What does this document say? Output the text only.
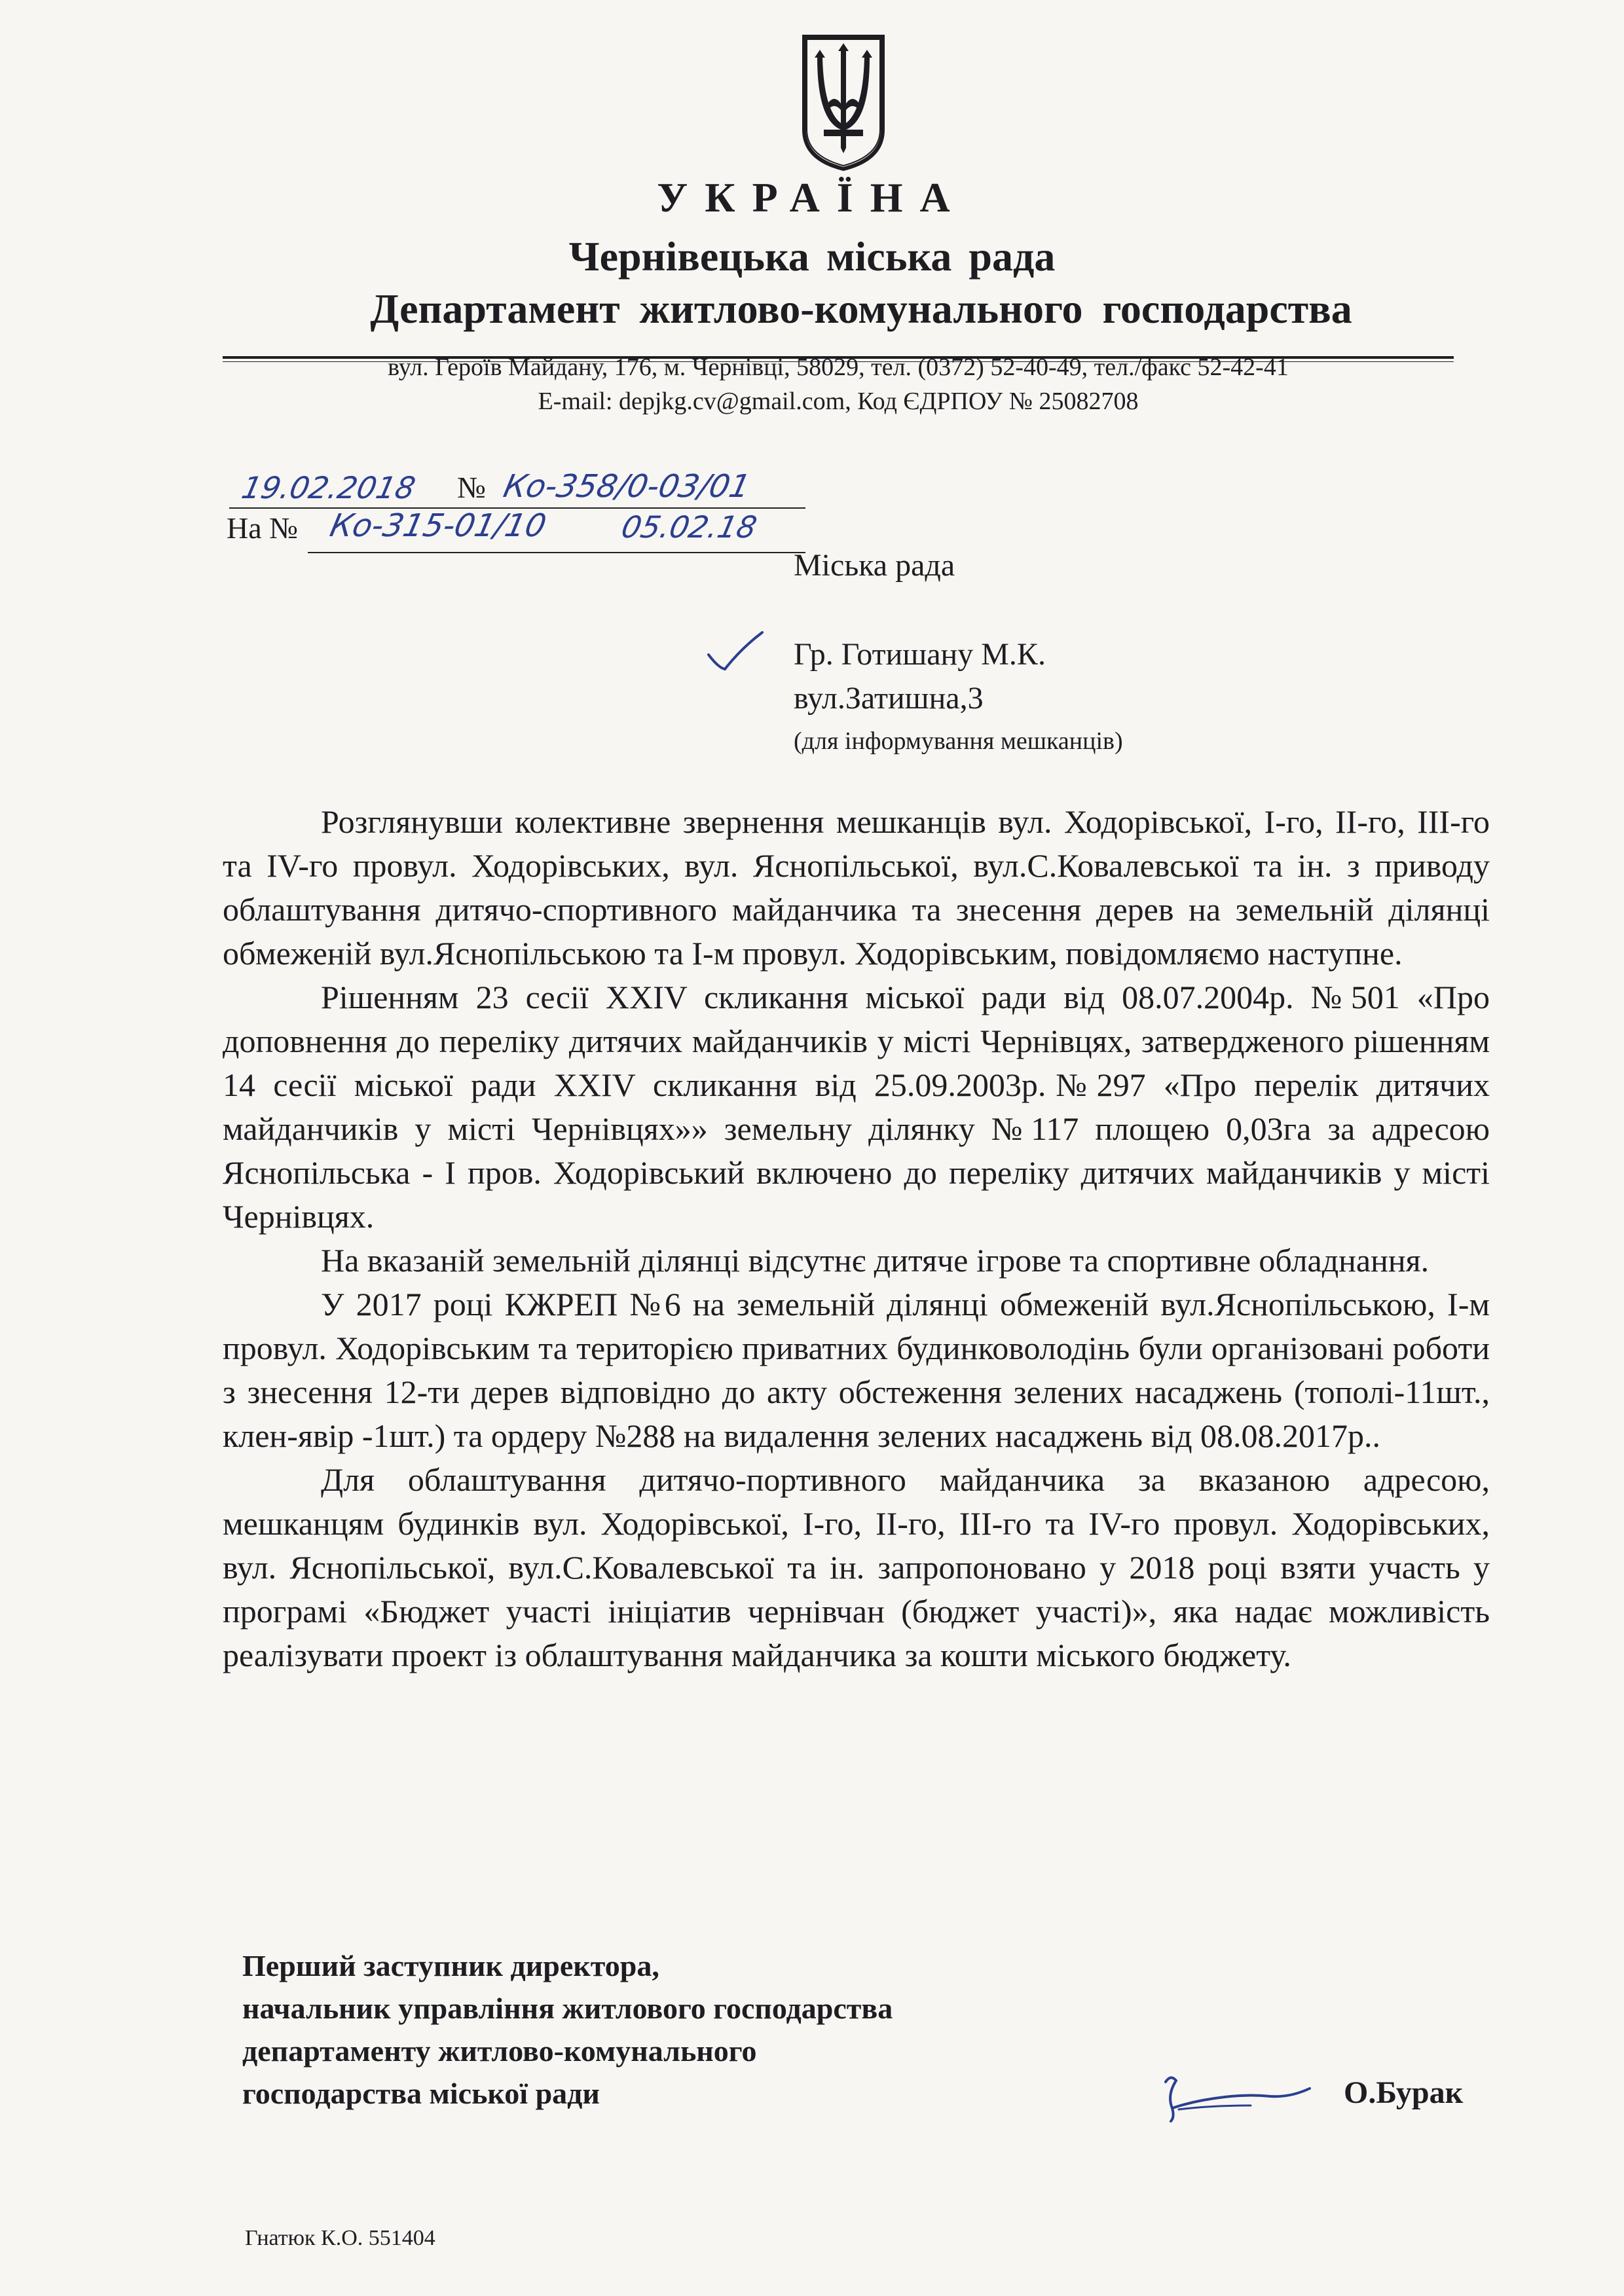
УКРАЇНА
Чернівецька міська рада
Департамент житлово-комунального господарства
вул. Героїв Майдану, 176, м. Чернівці, 58029, тел. (0372) 52-40-49, тел./факс 52-42-41
E-mail: depjkg.cv@gmail.com, Код ЄДРПОУ № 25082708
19.02.2018 № Ко-358/0-03/01
На № Ко-315-01/10 05.02.18
Міська рада
Гр. Готишану М.К.
вул.Затишна,3
(для інформування мешканців)

Розглянувши колективне звернення мешканців вул. Ходорівської, І-го, ІІ-го, ІІІ-го та IV-го провул. Ходорівських, вул. Яснопільської, вул.С.Ковалевської та ін. з приводу облаштування дитячо-спортивного майданчика та знесення дерев на земельній ділянці обмеженій вул.Яснопільською та І-м провул. Ходорівським, повідомляємо наступне.

Рішенням 23 сесії XXIV скликання міської ради від 08.07.2004р. №501 «Про доповнення до переліку дитячих майданчиків у місті Чернівцях, затвердженого рішенням 14 сесії міської ради XXIV скликання від 25.09.2003р.№297 «Про перелік дитячих майданчиків у місті Чернівцях»» земельну ділянку №117 площею 0,03га за адресою Яснопільська - І пров. Ходорівський включено до переліку дитячих майданчиків у місті Чернівцях.

На вказаній земельній ділянці відсутнє дитяче ігрове та спортивне обладнання.

У 2017 році КЖРЕП №6 на земельній ділянці обмеженій вул.Яснопільською, І-м провул. Ходорівським та територією приватних будинковолодінь були організовані роботи з знесення 12-ти дерев відповідно до акту обстеження зелених насаджень (тополі-11шт., клен-явір -1шт.) та ордеру №288 на видалення зелених насаджень від 08.08.2017р..

Для облаштування дитячо-портивного майданчика за вказаною адресою, мешканцям будинків вул. Ходорівської, І-го, ІІ-го, ІІІ-го та IV-го провул. Ходорівських, вул. Яснопільської, вул.С.Ковалевської та ін. запропоновано у 2018 році взяти участь у програмі «Бюджет участі ініціатив чернівчан (бюджет участі)», яка надає можливість реалізувати проект із облаштування майданчика за кошти міського бюджету.

Перший заступник директора,
начальник управління житлового господарства
департаменту житлово-комунального
господарства міської ради	О.Бурак
Гнатюк К.О. 551404
